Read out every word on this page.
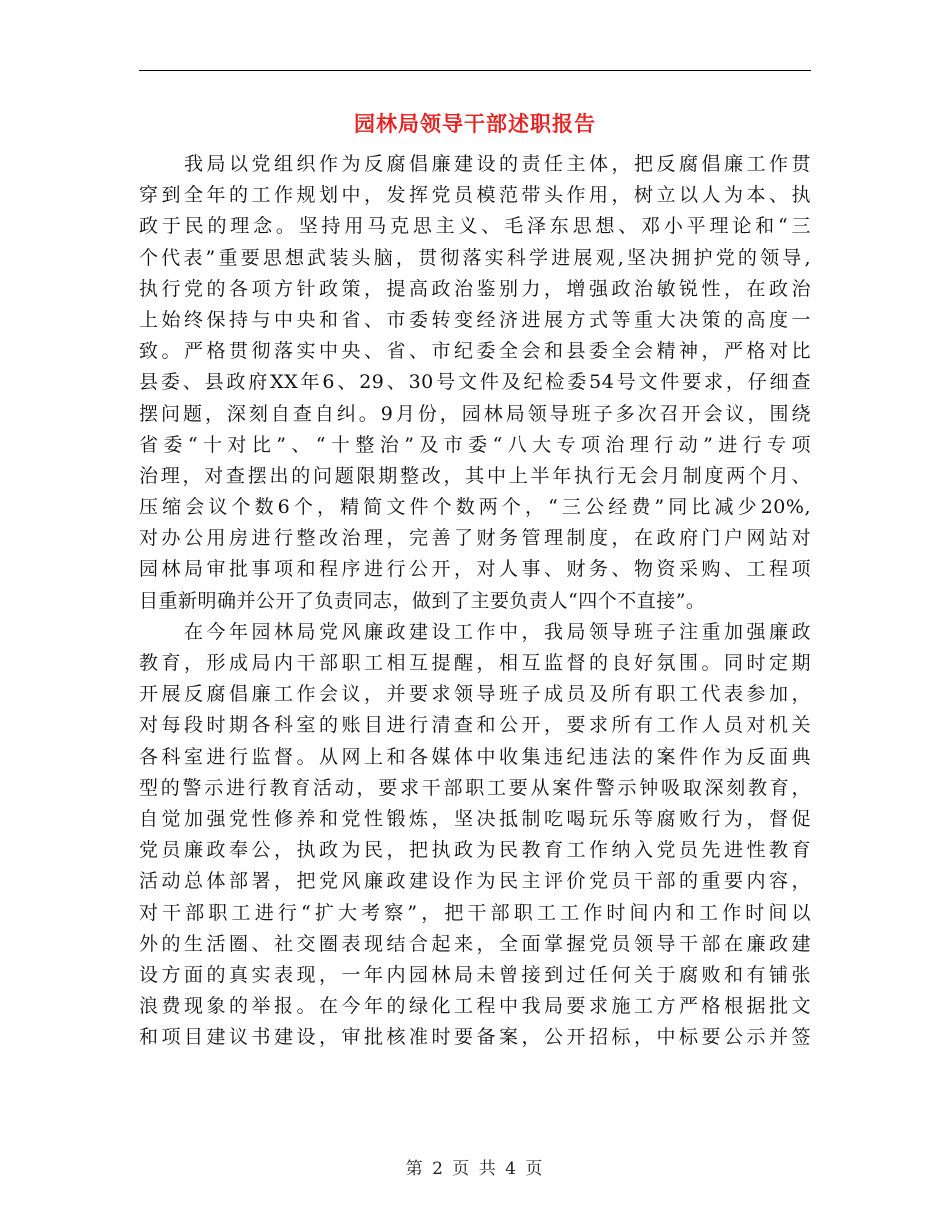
园林局领导干部述职报告
我局以党组织作为反腐倡廉建设的责任主体，把反腐倡廉工作贯
穿到全年的工作规划中，发挥党员模范带头作用，树立以人为本、执
政于民的理念。坚持用马克思主义、毛泽东思想、邓小平理论和“三
个代表”重要思想武装头脑，贯彻落实科学进展观,坚决拥护党的领导,
执行党的各项方针政策，提高政治鉴别力，增强政治敏锐性，在政治
上始终保持与中央和省、市委转变经济进展方式等重大决策的高度一
致。严格贯彻落实中央、省、市纪委全会和县委全会精神，严格对比
县委、县政府XX年6、29、30号文件及纪检委54号文件要求，仔细查
摆问题，深刻自查自纠。9月份，园林局领导班子多次召开会议，围绕
省委“十对比”、“十整治”及市委“八大专项治理行动”进行专项
治理，对查摆出的问题限期整改，其中上半年执行无会月制度两个月、
压缩会议个数6个，精简文件个数两个，“三公经费”同比减少20%,
对办公用房进行整改治理，完善了财务管理制度，在政府门户网站对
园林局审批事项和程序进行公开，对人事、财务、物资采购、工程项
目重新明确并公开了负责同志，做到了主要负责人“四个不直接”。
在今年园林局党风廉政建设工作中，我局领导班子注重加强廉政
教育，形成局内干部职工相互提醒，相互监督的良好氛围。同时定期
开展反腐倡廉工作会议，并要求领导班子成员及所有职工代表参加，
对每段时期各科室的账目进行清查和公开，要求所有工作人员对机关
各科室进行监督。从网上和各媒体中收集违纪违法的案件作为反面典
型的警示进行教育活动，要求干部职工要从案件警示钟吸取深刻教育，
自觉加强党性修养和党性锻炼，坚决抵制吃喝玩乐等腐败行为，督促
党员廉政奉公，执政为民，把执政为民教育工作纳入党员先进性教育
活动总体部署，把党风廉政建设作为民主评价党员干部的重要内容，
对干部职工进行“扩大考察”，把干部职工工作时间内和工作时间以
外的生活圈、社交圈表现结合起来，全面掌握党员领导干部在廉政建
设方面的真实表现，一年内园林局未曾接到过任何关于腐败和有铺张
浪费现象的举报。在今年的绿化工程中我局要求施工方严格根据批文
和项目建议书建设，审批核准时要备案，公开招标，中标要公示并签
第 2 页 共 4 页
